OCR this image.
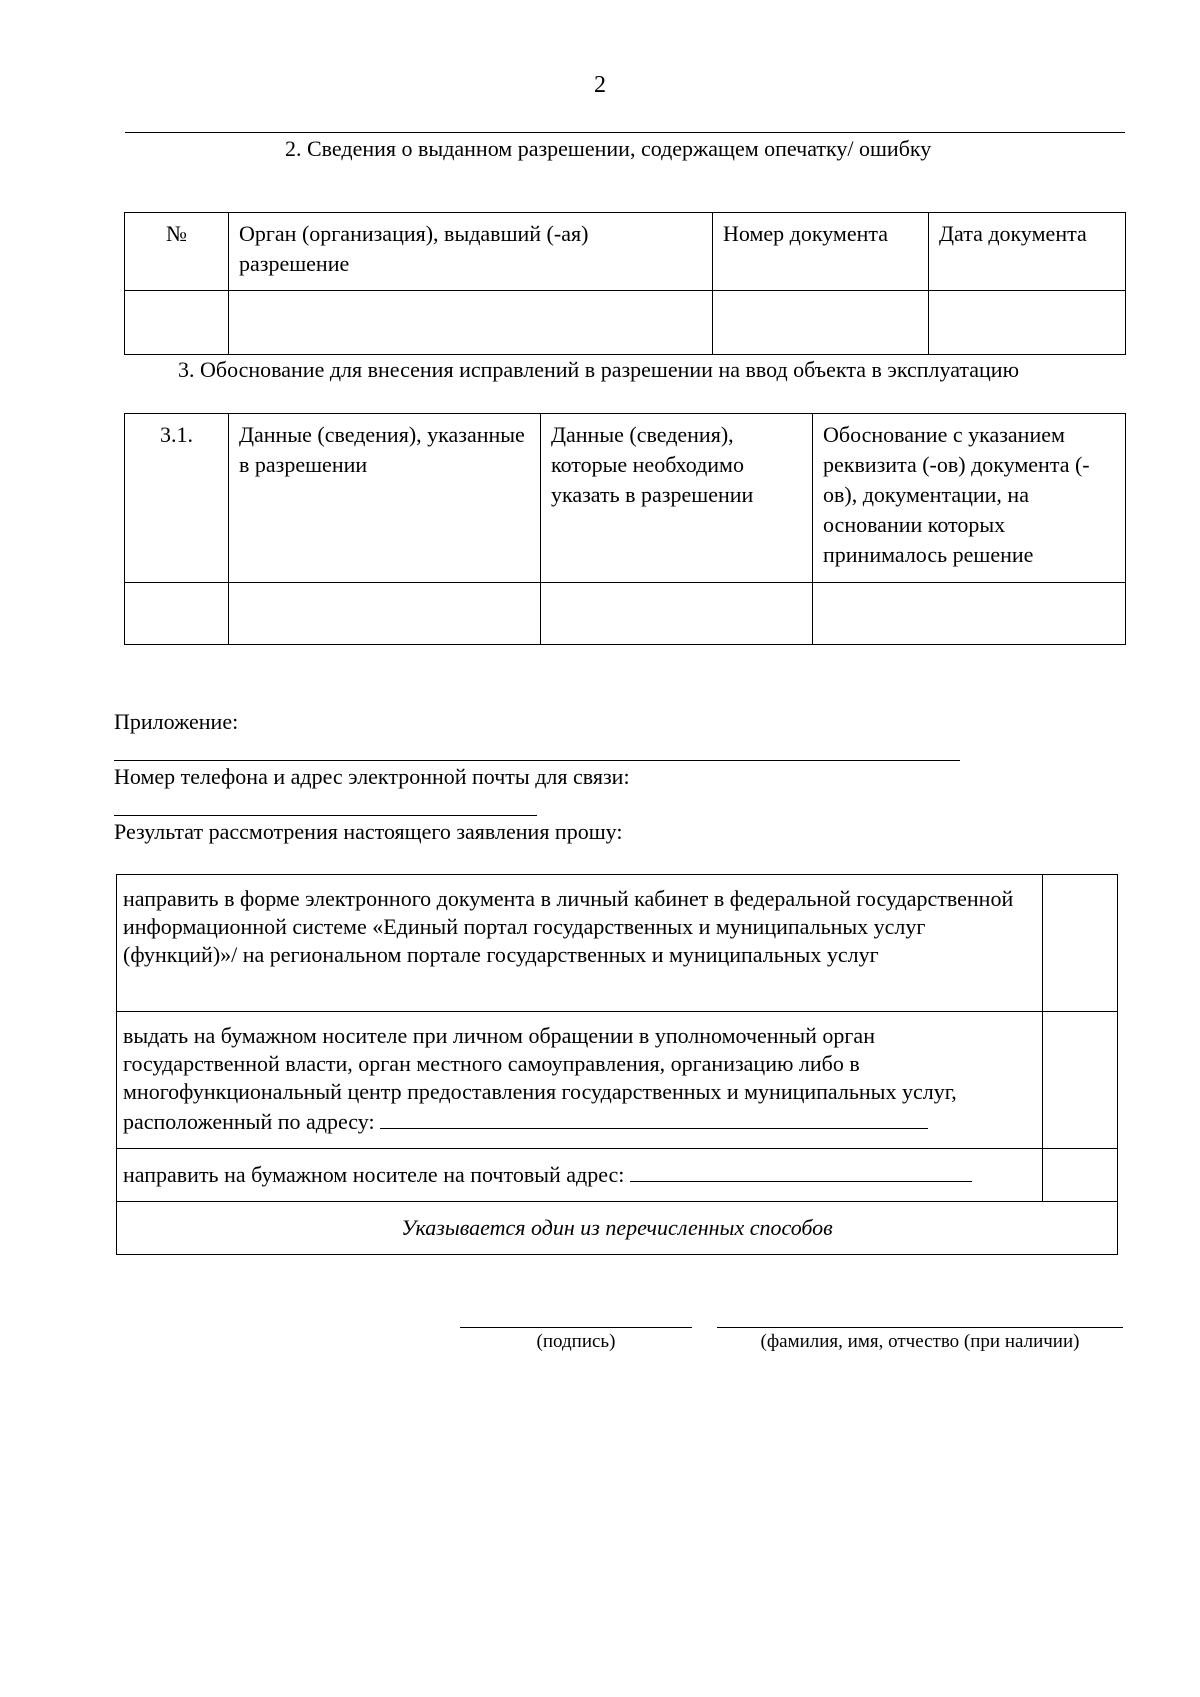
2
2. Сведения о выданном разрешении, содержащем опечатку/ ошибку
№	Орган (организация), выдавший (-ая) разрешение	Номер документа	Дата документа

3. Обоснование для внесения исправлений в разрешении на ввод объекта в эксплуатацию
3.1.	Данные (сведения), указанные в разрешении	Данные (сведения), которые необходимо указать в разрешении	Обоснование с указанием реквизита (-ов) документа (-ов), документации, на основании которых принималось решение

Приложение:
Номер телефона и адрес электронной почты для связи:
Результат рассмотрения настоящего заявления прошу:
направить в форме электронного документа в личный кабинет в федеральной государственной информационной системе «Единый портал государственных и муниципальных услуг (функций)»/ на региональном портале государственных и муниципальных услуг	
выдать на бумажном носителе при личном обращении в уполномоченный орган государственной власти, орган местного самоуправления, организацию либо в многофункциональный центр предоставления государственных и муниципальных услуг, расположенный по адресу:	
направить на бумажном носителе на почтовый адрес:	
Указывается один из перечисленных способов	
(подпись)	(фамилия, имя, отчество (при наличии)
